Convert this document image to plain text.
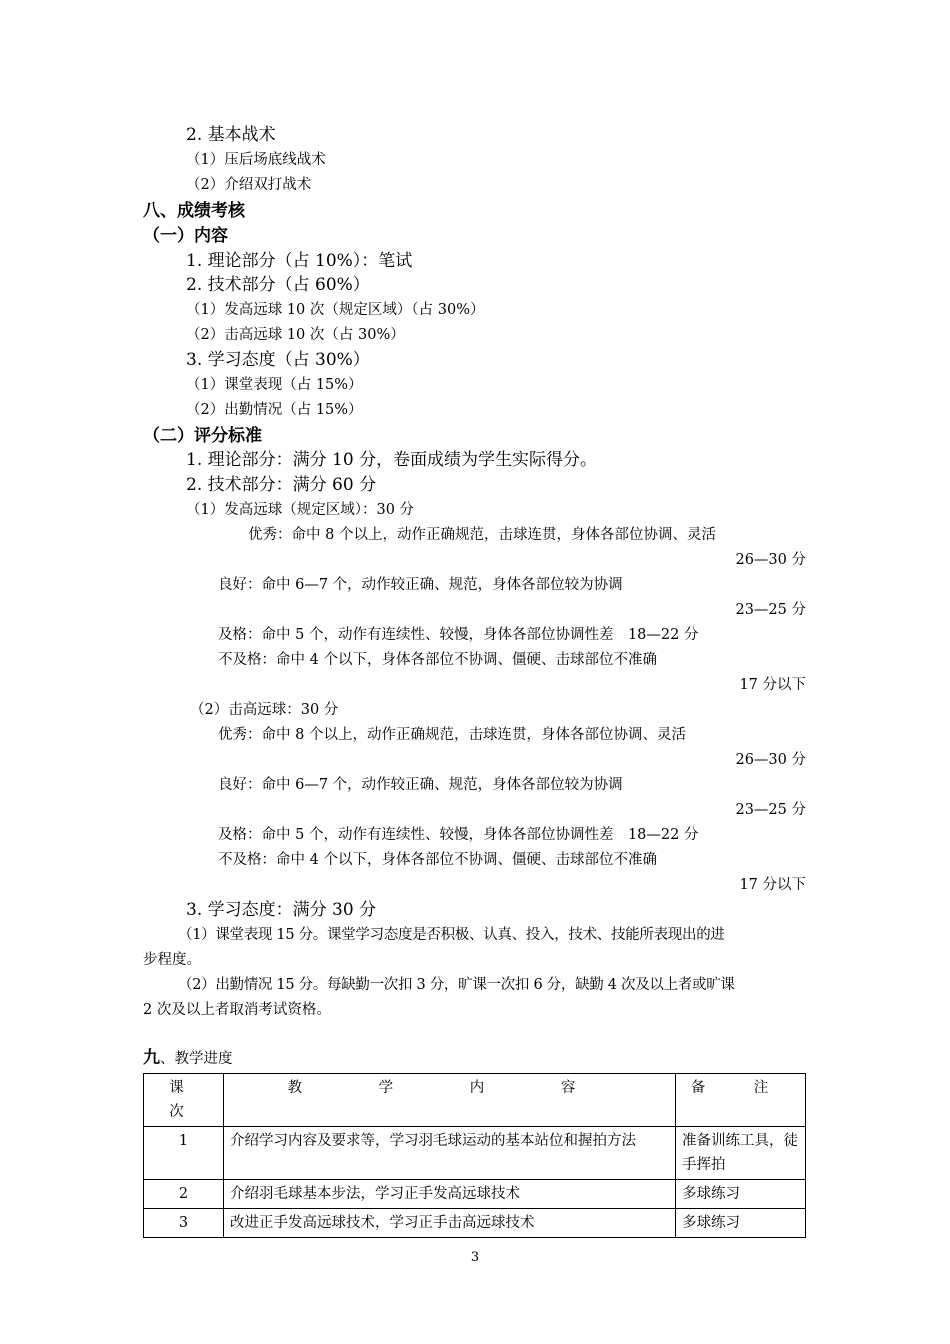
2. 基本战术
（1）压后场底线战术
（2）介绍双打战术
八、成绩考核
（一）内容
1. 理论部分（占 10%）：笔试
2. 技术部分（占 60%）
（1）发高远球 10 次（规定区域）（占 30%）
（2）击高远球 10 次（占 30%）
3. 学习态度（占 30%）
（1）课堂表现（占 15%）
（2）出勤情况（占 15%）
（二）评分标准
1. 理论部分：满分 10 分，卷面成绩为学生实际得分。
2. 技术部分：满分 60 分
（1）发高远球（规定区域）：30 分
优秀：命中 8 个以上，动作正确规范，击球连贯，身体各部位协调、灵活
26—30 分
良好：命中 6—7 个，动作较正确、规范，身体各部位较为协调
23—25 分
及格：命中 5 个，动作有连续性、较慢，身体各部位协调性差　18—22 分
不及格：命中 4 个以下，身体各部位不协调、僵硬、击球部位不准确
17 分以下
（2）击高远球：30 分
优秀：命中 8 个以上，动作正确规范，击球连贯，身体各部位协调、灵活
26—30 分
良好：命中 6—7 个，动作较正确、规范，身体各部位较为协调
23—25 分
及格：命中 5 个，动作有连续性、较慢，身体各部位协调性差　18—22 分
不及格：命中 4 个以下，身体各部位不协调、僵硬、击球部位不准确
17 分以下
3. 学习态度：满分 30 分
（1）课堂表现 15 分。课堂学习态度是否积极、认真、投入，技术、技能所表现出的进
步程度。
（2）出勤情况 15 分。每缺勤一次扣 3 分，旷课一次扣 6 分，缺勤 4 次及以上者或旷课
2 次及以上者取消考试资格。
九、教学进度
课 次	教 学 内 容	备 注
1	介绍学习内容及要求等，学习羽毛球运动的基本站位和握拍方法	准备训练工具，徒手挥拍
2	介绍羽毛球基本步法，学习正手发高远球技术	多球练习
3	改进正手发高远球技术，学习正手击高远球技术	多球练习
3
